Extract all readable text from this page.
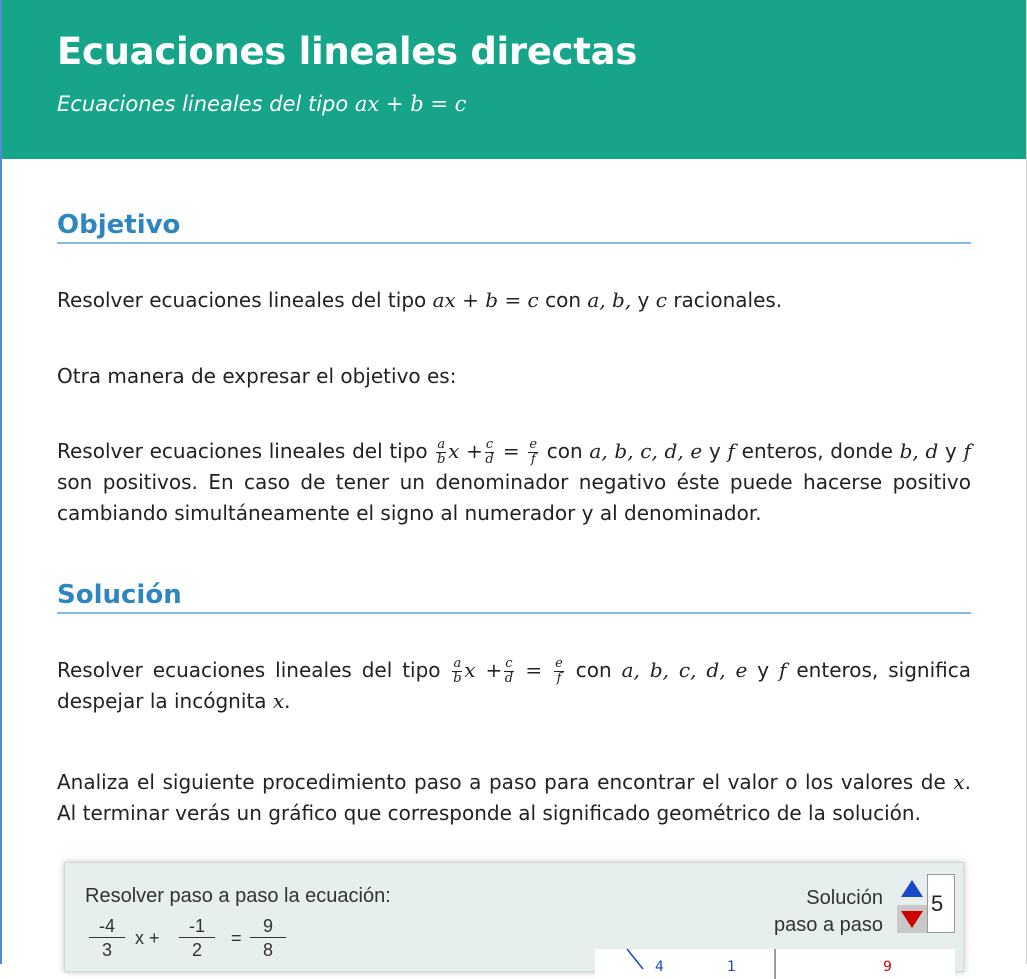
Ecuaciones lineales directas
Ecuaciones lineales del tipo ax + b = c
Objetivo

Resolver ecuaciones lineales del tipo ax + b = c con a, b, y c racionales.

Otra manera de expresar el objetivo es:

Resolver ecuaciones lineales del tipo $\frac{a}{b}$ $x + \frac{c}{d} = \frac{e}{f}$ con a, b, c, d, e y f enteros, donde b, d y f son positivos. En caso de tener un denominador negativo éste puede hacerse positivo cambiando simultáneamente el signo al numerador y al denominador.

Solución

Resolver ecuaciones lineales del tipo $\frac{a}{b}$ $x + \frac{c}{d} = \frac{e}{f}$ con a, b, c, d, e y f enteros, significa despejar la incógnita x.

Analiza el siguiente procedimiento paso a paso para encontrar el valor o los valores de x. Al terminar verás un gráfico que corresponde al significado geométrico de la solución.

Resolver paso a paso la ecuación:
$\frac{-4}{3}$ $x + \frac{-1}{2} = \frac{9}{8}$
Solución
paso a paso
5
4	1	9
